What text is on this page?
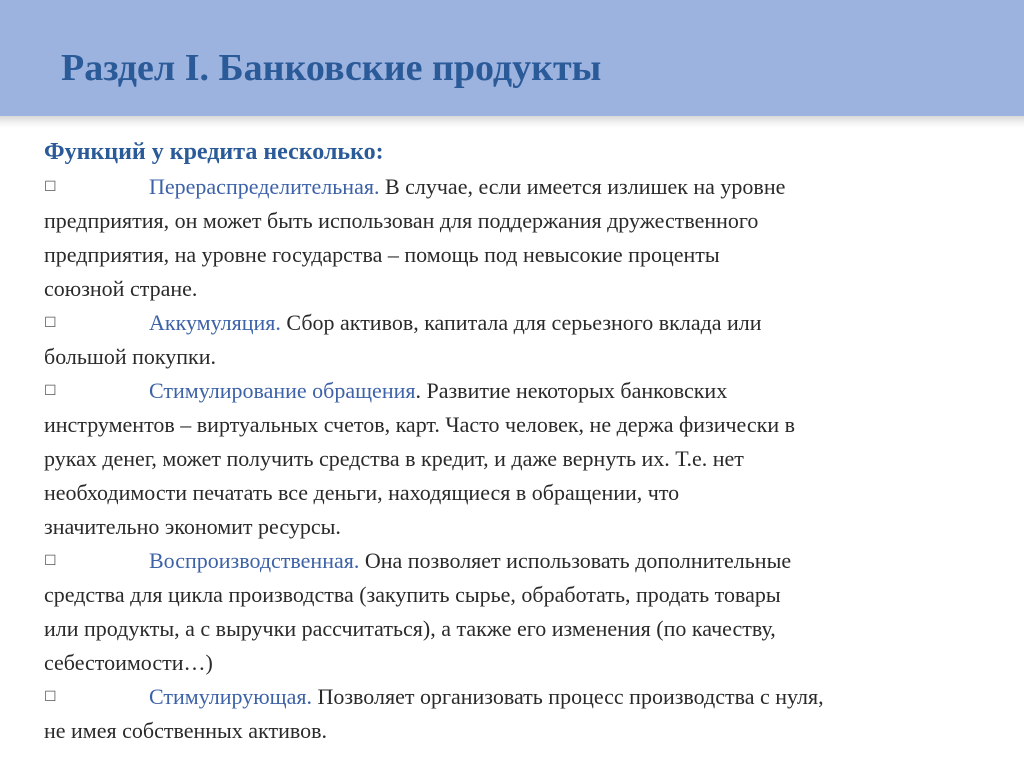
Раздел I. Банковские продукты

Функций у кредита несколько:

☐	Перераспределительная. В случае, если имеется излишек на уровне

предприятия, он может быть использован для поддержания дружественного

предприятия, на уровне государства – помощь под невысокие проценты

союзной стране.

☐	Аккумуляция. Сбор активов, капитала для серьезного вклада или

большой покупки.

☐	Стимулирование обращения. Развитие некоторых банковских

инструментов – виртуальных счетов, карт. Часто человек, не держа физически в

руках денег, может получить средства в кредит, и даже вернуть их. Т.е. нет

необходимости печатать все деньги, находящиеся в обращении, что

значительно экономит ресурсы.

☐	Воспроизводственная. Она позволяет использовать дополнительные

средства для цикла производства (закупить сырье, обработать, продать товары

или продукты, а с выручки рассчитаться), а также его изменения (по качеству,

себестоимости…)

☐	Стимулирующая. Позволяет организовать процесс производства с нуля,

не имея собственных активов.
